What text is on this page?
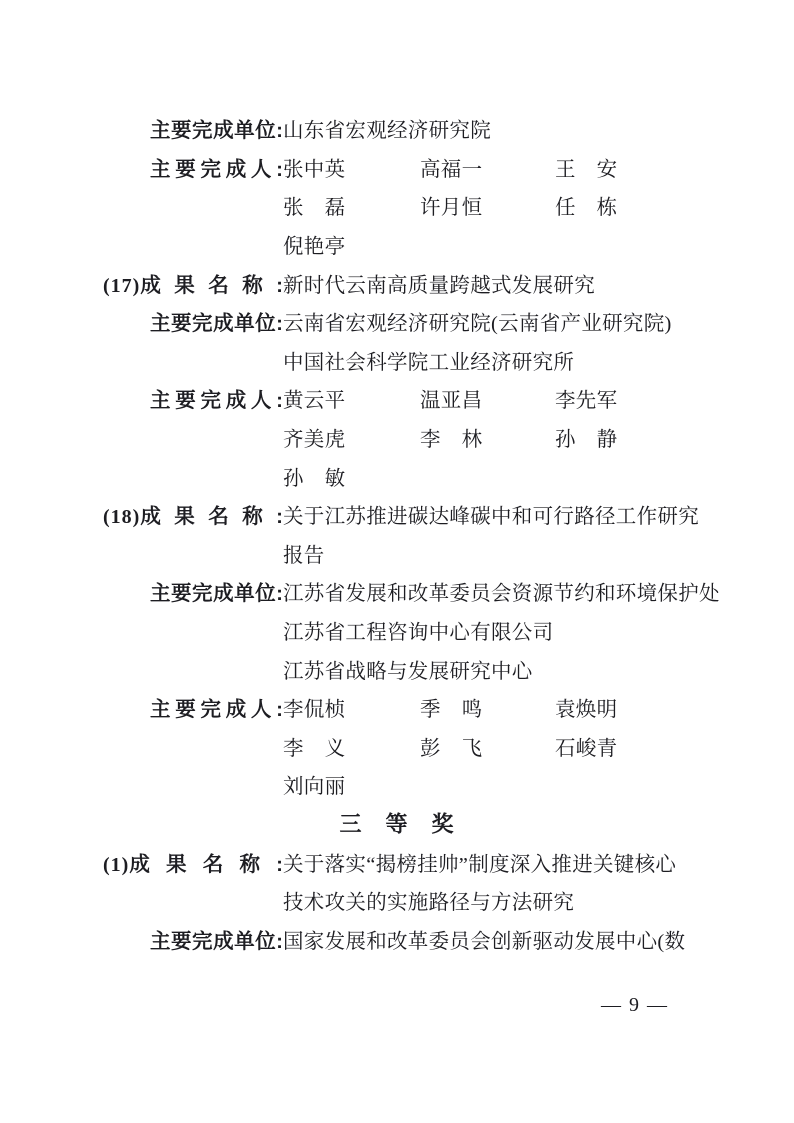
主要完成单位: 山东省宏观经济研究院
主要完成人: 张中英	高福一	王　安
张　磊	许月恒	任　栋
倪艳亭
(17) 成果名称: 新时代云南高质量跨越式发展研究
主要完成单位: 云南省宏观经济研究院(云南省产业研究院)
中国社会科学院工业经济研究所
主要完成人: 黄云平	温亚昌	李先军
齐美虎	李　林	孙　静
孙　敏
(18) 成果名称: 关于江苏推进碳达峰碳中和可行路径工作研究
报告
主要完成单位: 江苏省发展和改革委员会资源节约和环境保护处
江苏省工程咨询中心有限公司
江苏省战略与发展研究中心
主要完成人: 李侃桢	季　鸣	袁焕明
李　义	彭　飞	石峻青
刘向丽
三　等　奖
(1) 成果名称: 关于落实“揭榜挂帅”制度深入推进关键核心
技术攻关的实施路径与方法研究
主要完成单位: 国家发展和改革委员会创新驱动发展中心(数
— 9 —
